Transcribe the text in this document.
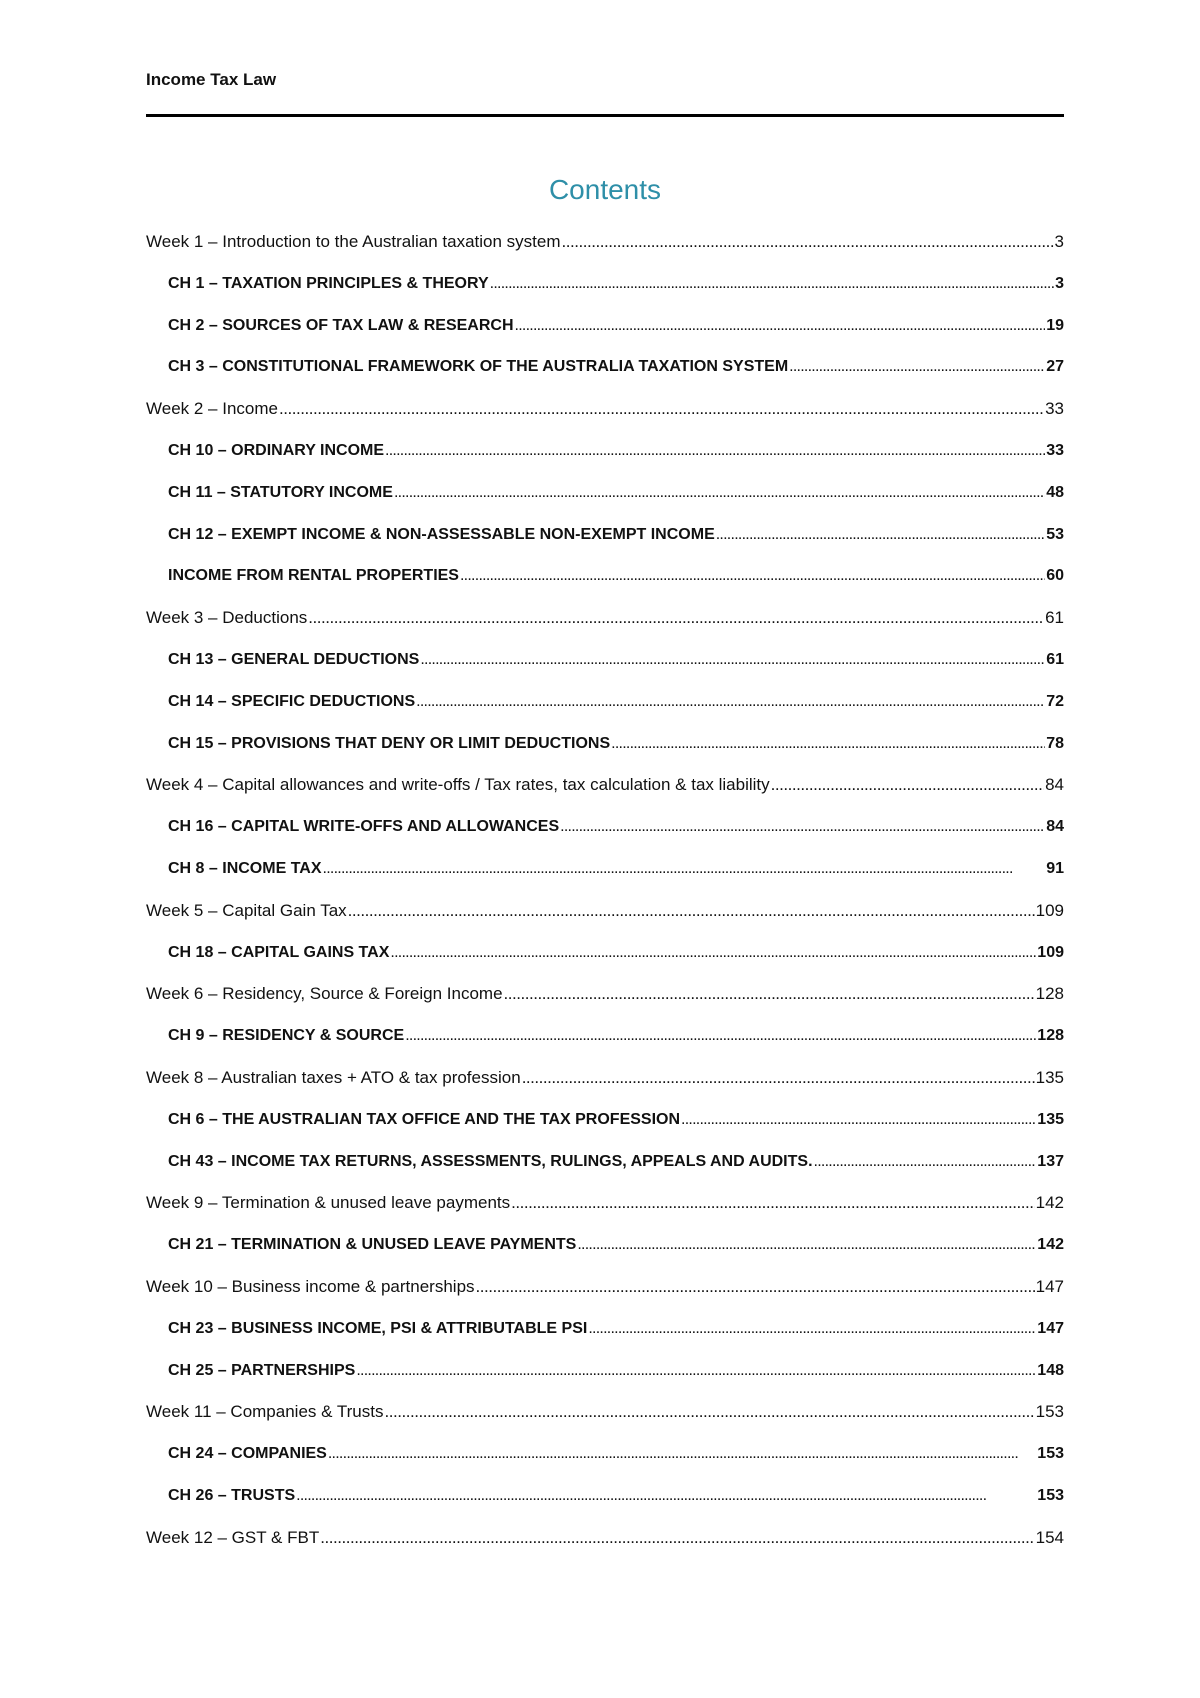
Income Tax Law
Contents
Week 1 – Introduction to the Australian taxation system . . .	3
CH 1 – TAXATION PRINCIPLES & THEORY . . .	3
CH 2 – SOURCES OF TAX LAW & RESEARCH . . .	19
CH 3 – CONSTITUTIONAL FRAMEWORK OF THE AUSTRALIA TAXATION SYSTEM . . .	27
Week 2 – Income . . .	33
CH 10 – ORDINARY INCOME . . .	33
CH 11 – STATUTORY INCOME . . .	48
CH 12 – EXEMPT INCOME & NON-ASSESSABLE NON-EXEMPT INCOME . . .	53
INCOME FROM RENTAL PROPERTIES . . .	60
Week 3 – Deductions . . .	61
CH 13 – GENERAL DEDUCTIONS . . .	61
CH 14 – SPECIFIC DEDUCTIONS . . .	72
CH 15 – PROVISIONS THAT DENY OR LIMIT DEDUCTIONS . . .	78
Week 4 – Capital allowances and write-offs / Tax rates, tax calculation & tax liability . . .	84
CH 16 – CAPITAL WRITE-OFFS AND ALLOWANCES . . .	84
CH 8 – INCOME TAX . . .	91
Week 5 – Capital Gain Tax . . .	109
CH 18 – CAPITAL GAINS TAX . . .	109
Week 6 – Residency, Source & Foreign Income . . .	128
CH 9 – RESIDENCY & SOURCE . . .	128
Week 8 – Australian taxes + ATO & tax profession . . .	135
CH 6 – THE AUSTRALIAN TAX OFFICE AND THE TAX PROFESSION . . .	135
CH 43 – INCOME TAX RETURNS, ASSESSMENTS, RULINGS, APPEALS AND AUDITS. . . .	137
Week 9 – Termination & unused leave payments . . .	142
CH 21 – TERMINATION & UNUSED LEAVE PAYMENTS . . .	142
Week 10 – Business income & partnerships . . .	147
CH 23 – BUSINESS INCOME, PSI & ATTRIBUTABLE PSI . . .	147
CH 25 – PARTNERSHIPS . . .	148
Week 11 – Companies & Trusts . . .	153
CH 24 – COMPANIES . . .	153
CH 26 – TRUSTS . . .	153
Week 12 – GST & FBT . . .	154
